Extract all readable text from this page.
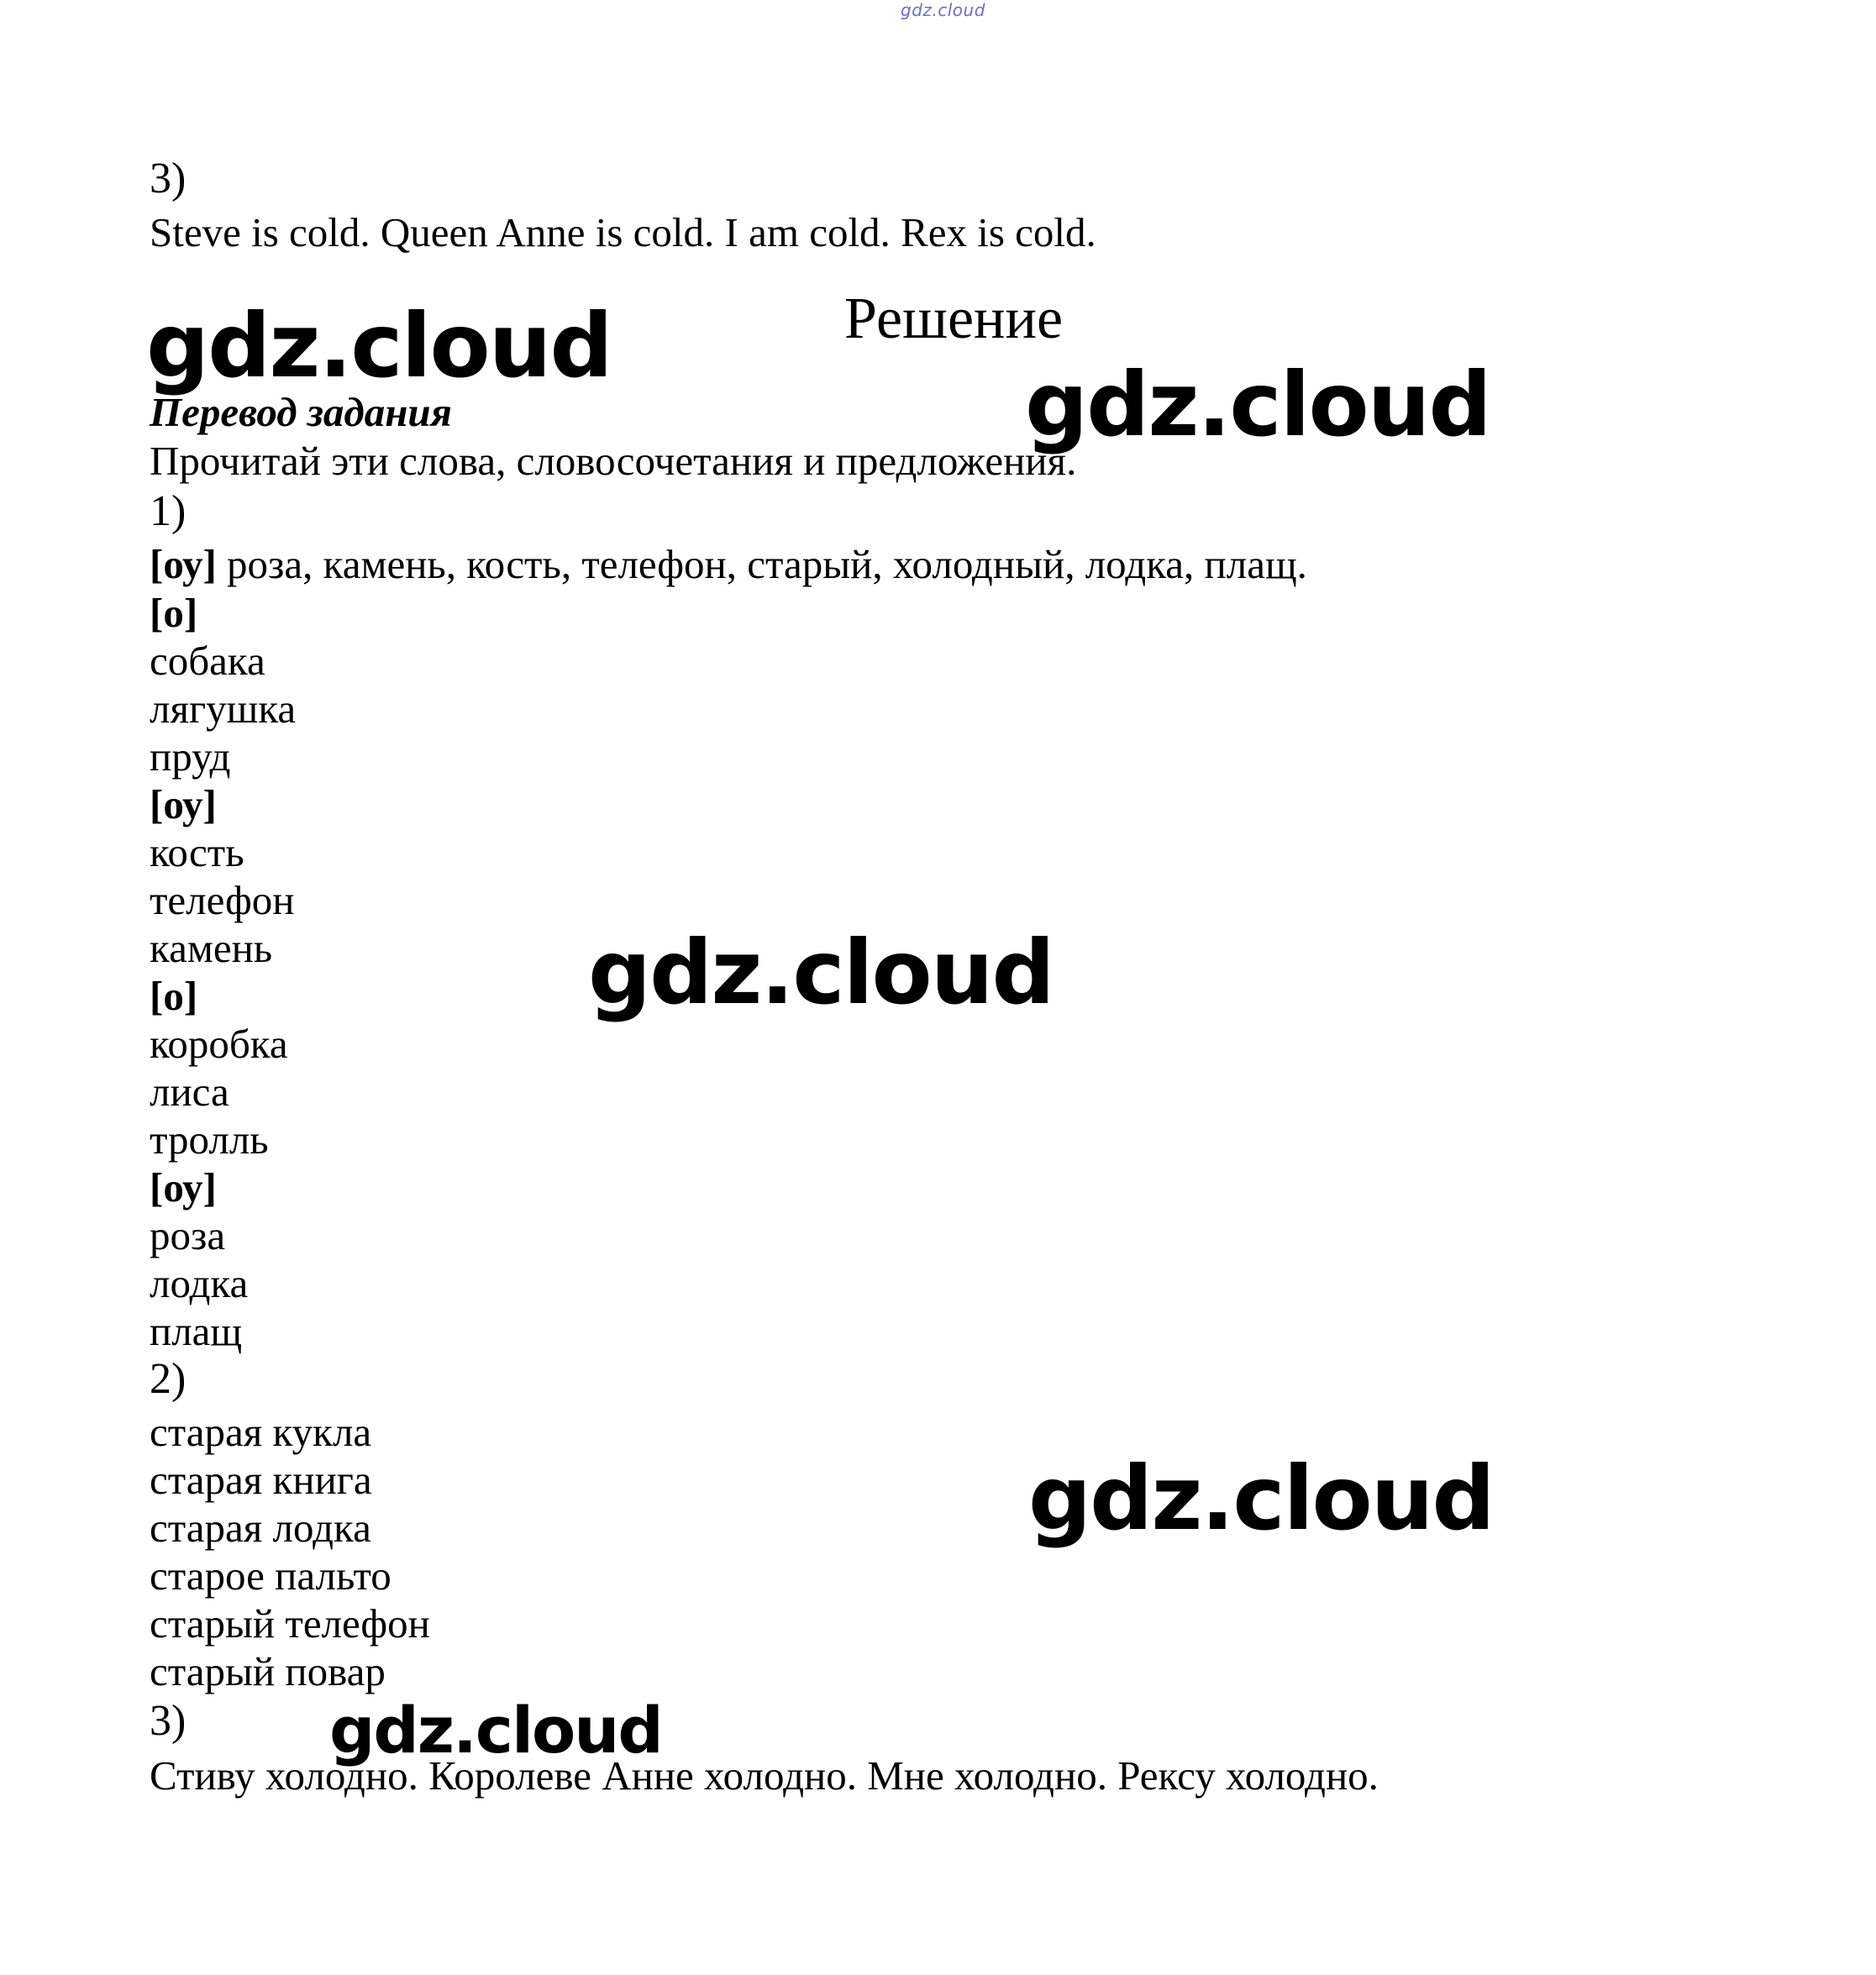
gdz.cloud
3)
Steve is cold. Queen Anne is cold. I am cold. Rex is cold.
Перевод задания
Прочитай эти слова, словосочетания и предложения.
1)
[оу] роза, камень, кость, телефон, старый, холодный, лодка, плащ.
[о]
собака
лягушка
пруд
[оу]
кость
телефон
камень
[о]
коробка
лиса
тролль
[оу]
роза
лодка
плащ
2)
старая кукла
старая книга
старая лодка
старое пальто
старый телефон
старый повар
3)
Стиву холодно. Королеве Анне холодно. Мне холодно. Рексу холодно.
Решение
gdz.cloud
gdz.cloud
gdz.cloud
gdz.cloud
gdz.cloud
